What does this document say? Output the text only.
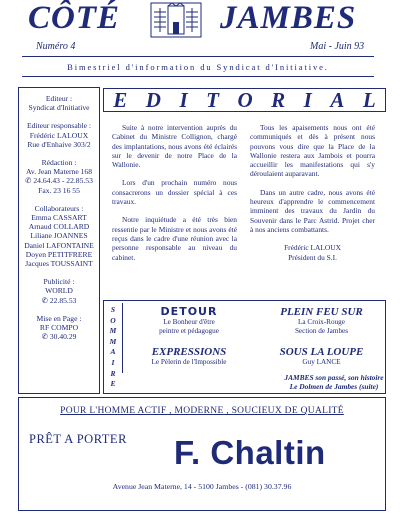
CÔTÉ	JAMBES
Numéro 4	Mai - Juin 93
Bimestriel d'information du Syndicat d'Initiative.
Editeur :
Syndicat d'Initiative
Editeur responsable :
Frédéric LALOUX
Rue d'Enhaive 303/2
Rédaction :
Av. Jean Materne 168
✆ 24.64.43 - 22.85.53
Fax. 23 16 55
Collaborateurs :
Emma CASSART
Arnaud COLLARD
Liliane JOANNES
Daniel LAFONTAINE
Doyen PETITFRERE
Jacques TOUSSAINT
Publicité :
WORLD
✆ 22.85.53
Mise en Page :
RF COMPO
✆ 30.40.29
E D I T O R I A L

Suite à notre intervention auprès du Cabinet du Ministre Collignon, chargé des implantations, nous avons été éclairés sur le devenir de notre Place de la Wallonie.

Lors d'un prochain numéro nous consacrerons un dossier spécial à ces travaux.

Notre inquiétude a été très bien ressentie par le Ministre et nous avons été reçus dans le cadre d'une réunion avec la personne responsable au niveau du cabinet.

Tous les apaisements nous ont été communiqués et dès à présent nous pouvons vous dire que la Place de la Wallonie restera aux Jambois et pourra accueillir les manifestations qui s'y déroulaient auparavant.

Dans un autre cadre, nous avons été heureux d'apprendre le commencement imminent des travaux du Jardin du Souvenir dans le Parc Astrid. Projet cher à nos anciens combattants.

Frédéric LALOUX
Président du S.I.
S
O
M
M
A
I
R
E
DETOUR
Le Bonheur d'être
peintre et pédagogue
PLEIN FEU SUR
La Croix-Rouge
Section de Jambes
EXPRESSIONS
Le Pèlerin de l'Impossible
SOUS LA LOUPE
Guy LANCE
JAMBES son passé, son histoire
Le Dolmen de Jambes (suite)
POUR L'HOMME ACTIF , MODERNE , SOUCIEUX DE QUALITÉ
PRÊT A PORTER F. Chaltin
Avenue Jean Materne, 14 - 5100 Jambes - (081) 30.37.96
